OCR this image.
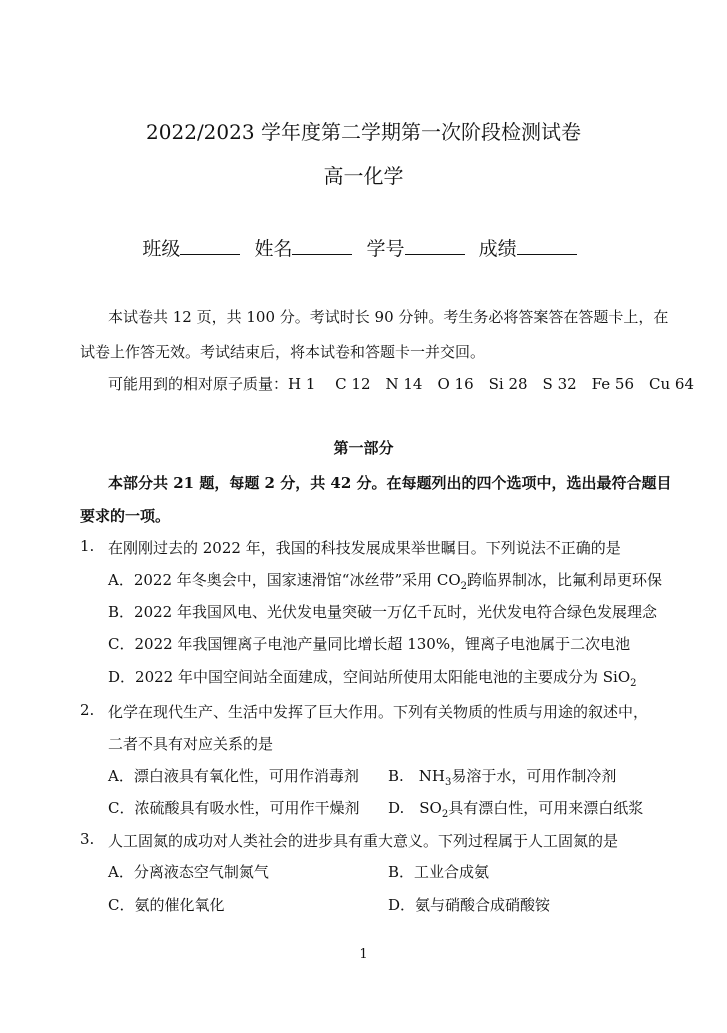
2022/2023 学年度第二学期第一次阶段检测试卷
高一化学
班级	姓名	学号	成绩
本试卷共 12 页，共 100 分。考试时长 90 分钟。考生务必将答案答在答题卡上，在
试卷上作答无效。考试结束后，将本试卷和答题卡一并交回。
可能用到的相对原子质量：H 1　 C 12　N 14　O 16　Si 28　S 32　Fe 56　Cu 64
第一部分
本部分共 21 题，每题 2 分，共 42 分。在每题列出的四个选项中，选出最符合题目
要求的一项。
1. 在刚刚过去的 2022 年，我国的科技发展成果举世瞩目。下列说法不正确的是
A．2022 年冬奥会中，国家速滑馆“冰丝带”采用 $CO_2$跨临界制冰，比氟利昂更环保
B．2022 年我国风电、光伏发电量突破一万亿千瓦时，光伏发电符合绿色发展理念
C．2022 年我国锂离子电池产量同比增长超 130%，锂离子电池属于二次电池
D．2022 年中国空间站全面建成，空间站所使用太阳能电池的主要成分为 SiO$_2$
2. 化学在现代生产、生活中发挥了巨大作用。下列有关物质的性质与用途的叙述中，
二者不具有对应关系的是
A．漂白液具有氧化性，可用作消毒剂 B.　$NH_3$易溶于水，可用作制冷剂
C．浓硫酸具有吸水性，可用作干燥剂 D.　$SO_2$具有漂白性，可用来漂白纸浆
3. 人工固氮的成功对人类社会的进步具有重大意义。下列过程属于人工固氮的是
A．分离液态空气制氮气	B．工业合成氨
C．氨的催化氧化	D．氨与硝酸合成硝酸铵
1
